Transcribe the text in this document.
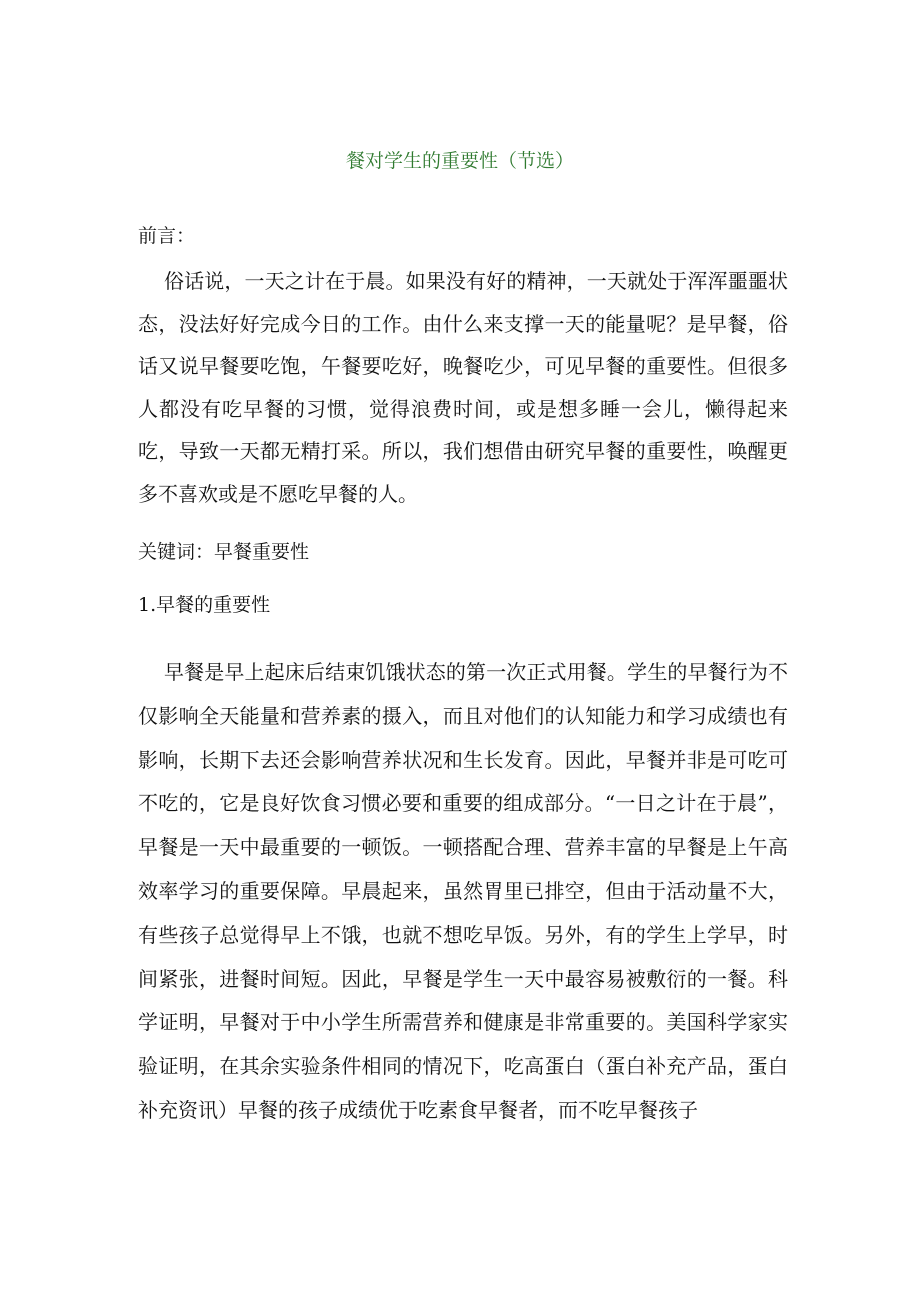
餐对学生的重要性（节选）

前言：

俗话说，一天之计在于晨。如果没有好的精神，一天就处于浑浑噩噩状态，没法好好完成今日的工作。由什么来支撑一天的能量呢？是早餐，俗话又说早餐要吃饱，午餐要吃好，晚餐吃少，可见早餐的重要性。但很多人都没有吃早餐的习惯，觉得浪费时间，或是想多睡一会儿，懒得起来吃，导致一天都无精打采。所以，我们想借由研究早餐的重要性，唤醒更多不喜欢或是不愿吃早餐的人。

关键词：早餐重要性

1.早餐的重要性

早餐是早上起床后结束饥饿状态的第一次正式用餐。学生的早餐行为不仅影响全天能量和营养素的摄入，而且对他们的认知能力和学习成绩也有影响，长期下去还会影响营养状况和生长发育。因此，早餐并非是可吃可不吃的，它是良好饮食习惯必要和重要的组成部分。“一日之计在于晨”，早餐是一天中最重要的一顿饭。一顿搭配合理、营养丰富的早餐是上午高效率学习的重要保障。早晨起来，虽然胃里已排空，但由于活动量不大，有些孩子总觉得早上不饿，也就不想吃早饭。另外，有的学生上学早，时间紧张，进餐时间短。因此，早餐是学生一天中最容易被敷衍的一餐。科学证明，早餐对于中小学生所需营养和健康是非常重要的。美国科学家实验证明，在其余实验条件相同的情况下，吃高蛋白（蛋白补充产品，蛋白补充资讯）早餐的孩子成绩优于吃素食早餐者，而不吃早餐孩子
